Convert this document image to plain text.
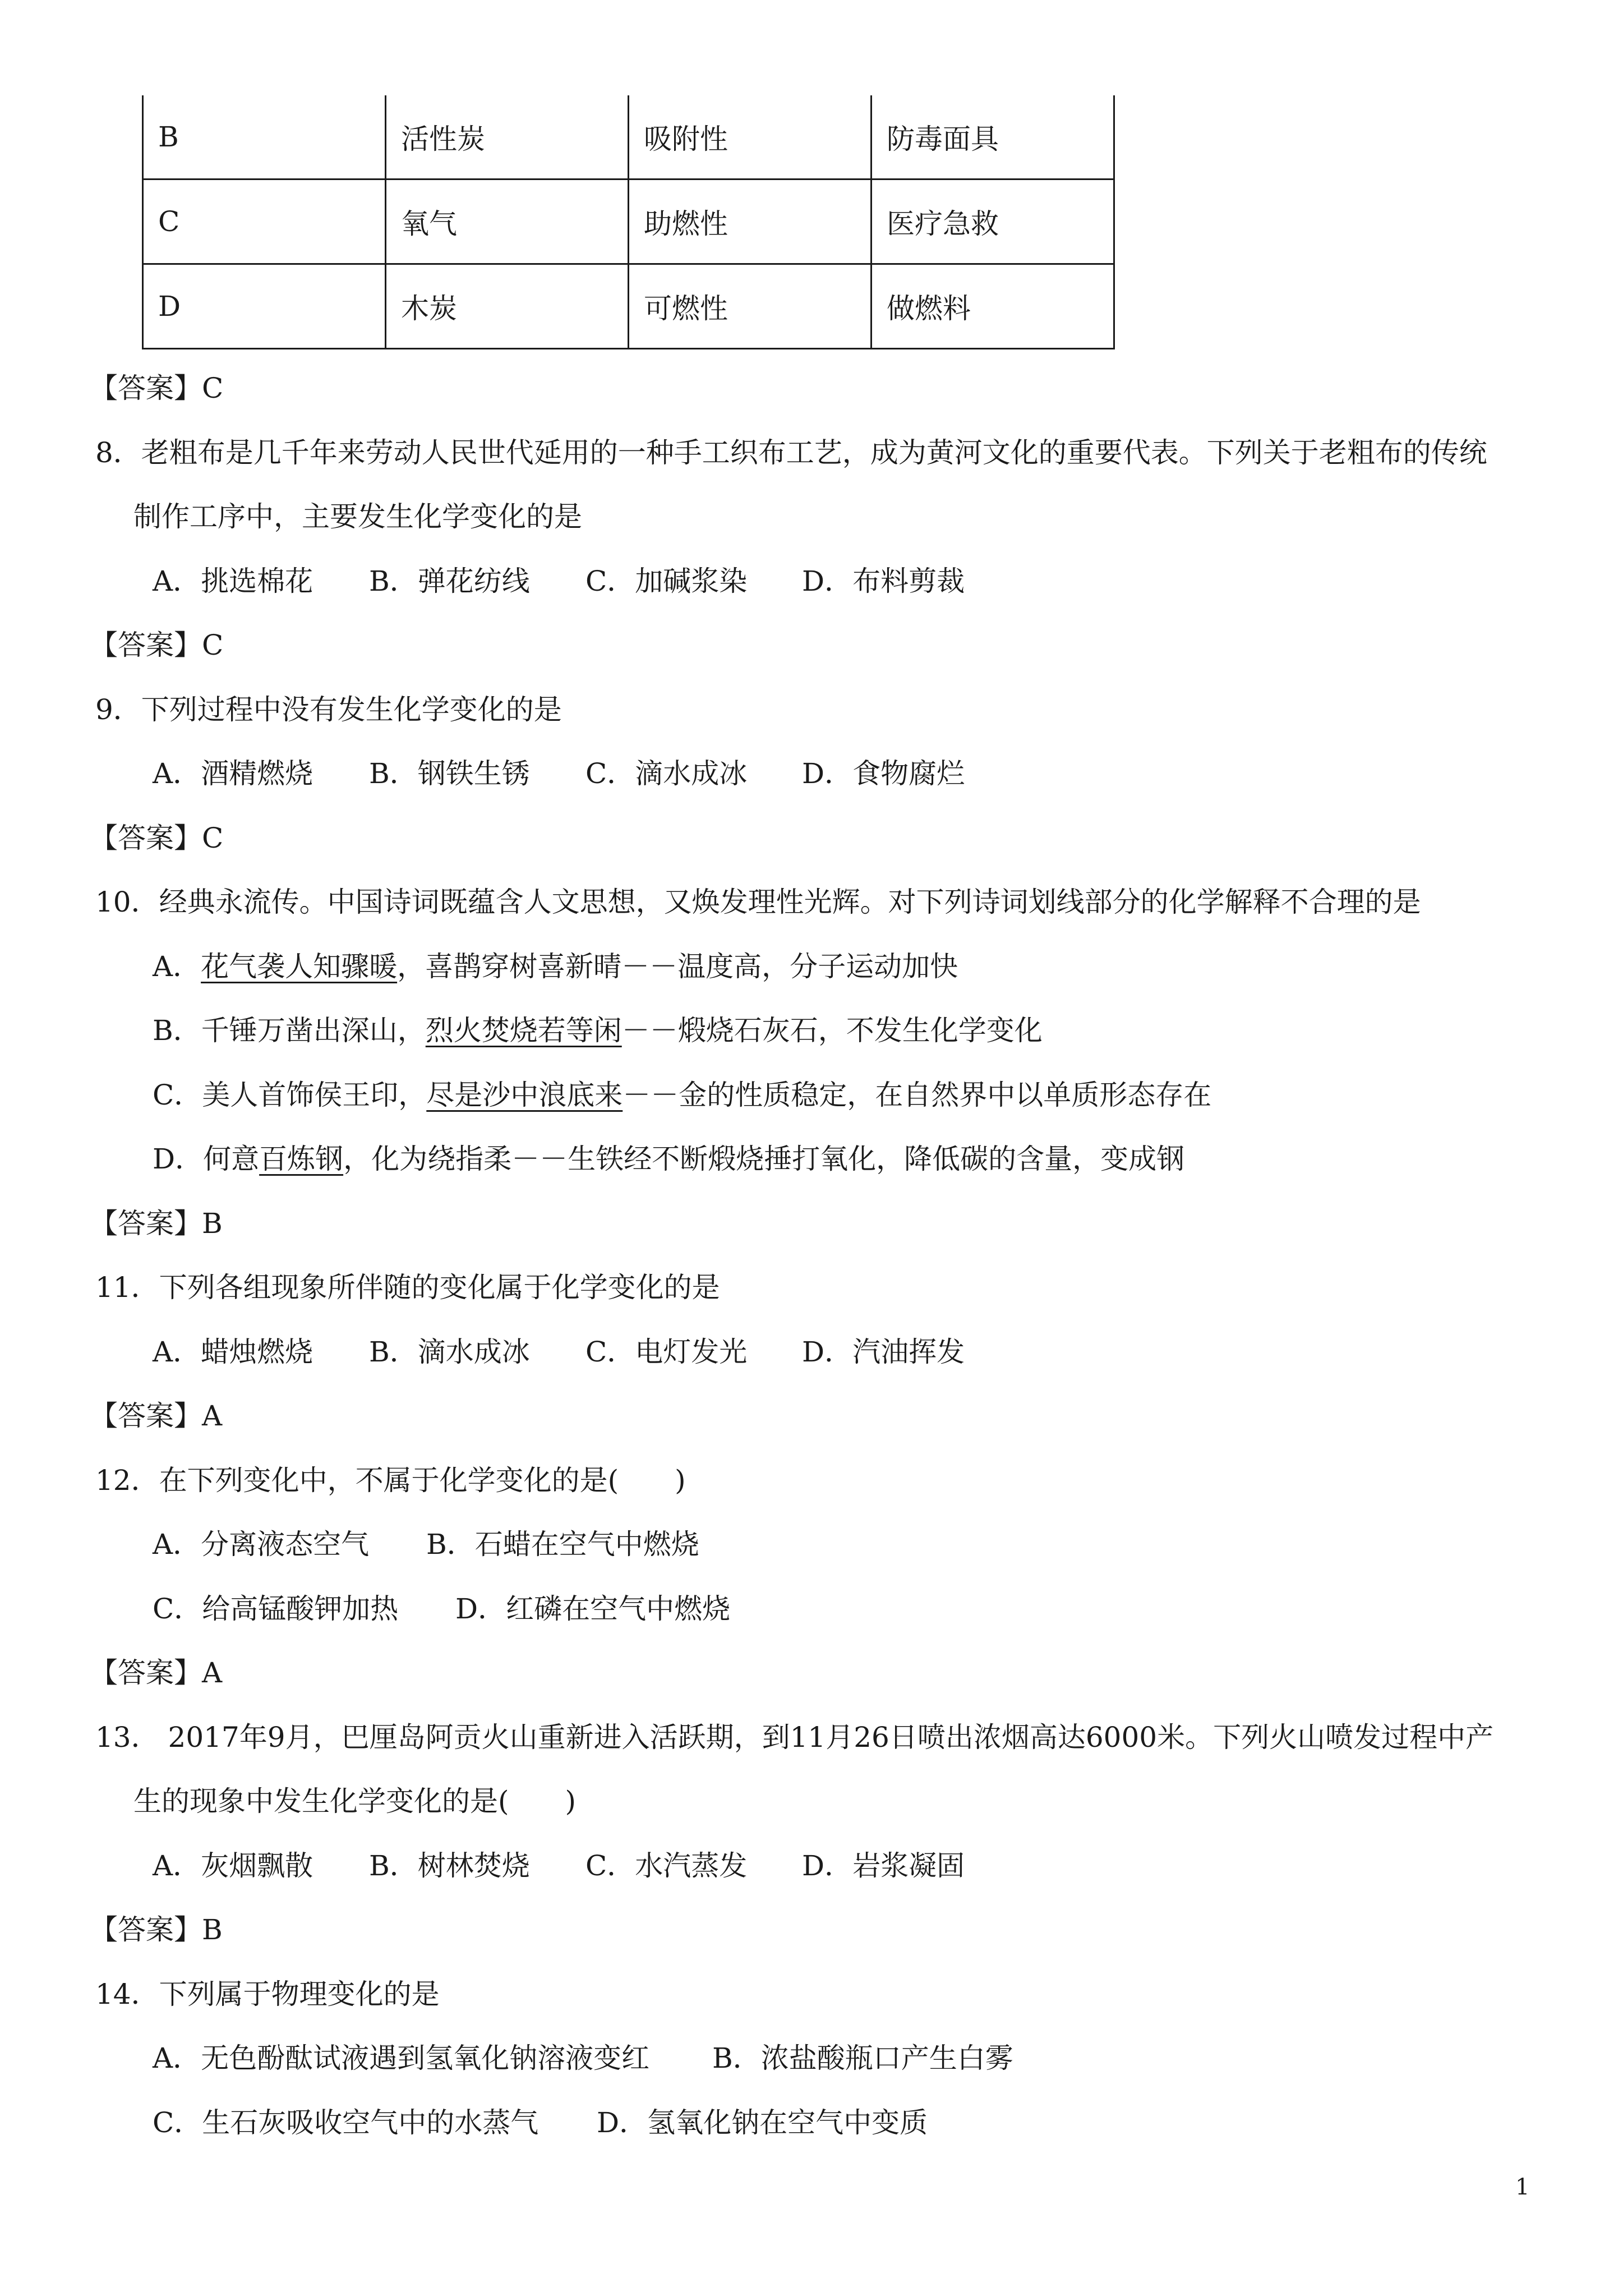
B	活性炭	吸附性	防毒面具
C	氧气	助燃性	医疗急救
D	木炭	可燃性	做燃料
【答案】C
8．老粗布是几千年来劳动人民世代延用的一种手工织布工艺，成为黄河文化的重要代表。下列关于老粗布的传统
制作工序中，主要发生化学变化的是
A．挑选棉花 B．弹花纺线 C．加碱浆染 D．布料剪裁
【答案】C
9．下列过程中没有发生化学变化的是
A．酒精燃烧 B．钢铁生锈 C．滴水成冰 D．食物腐烂
【答案】C
10．经典永流传。中国诗词既蕴含人文思想，又焕发理性光辉。对下列诗词划线部分的化学解释不合理的是
A．花气袭人知骤暖，喜鹊穿树喜新晴－－温度高，分子运动加快
B．千锤万凿出深山，烈火焚烧若等闲－－煅烧石灰石，不发生化学变化
C．美人首饰侯王印，尽是沙中浪底来－－金的性质稳定，在自然界中以单质形态存在
D．何意百炼钢，化为绕指柔－－生铁经不断煅烧捶打氧化，降低碳的含量，变成钢
【答案】B
11．下列各组现象所伴随的变化属于化学变化的是
A．蜡烛燃烧 B．滴水成冰 C．电灯发光 D．汽油挥发
【答案】A
12．在下列变化中，不属于化学变化的是(　　)
A．分离液态空气 B．石蜡在空气中燃烧
C．给高锰酸钾加热 D．红磷在空气中燃烧
【答案】A
13． 2017年9月，巴厘岛阿贡火山重新进入活跃期，到11月26日喷出浓烟高达6000米。下列火山喷发过程中产
生的现象中发生化学变化的是(　　)
A．灰烟飘散 B．树林焚烧 C．水汽蒸发 D．岩浆凝固
【答案】B
14．下列属于物理变化的是
A．无色酚酞试液遇到氢氧化钠溶液变红 B．浓盐酸瓶口产生白雾
C．生石灰吸收空气中的水蒸气 D．氢氧化钠在空气中变质
1
